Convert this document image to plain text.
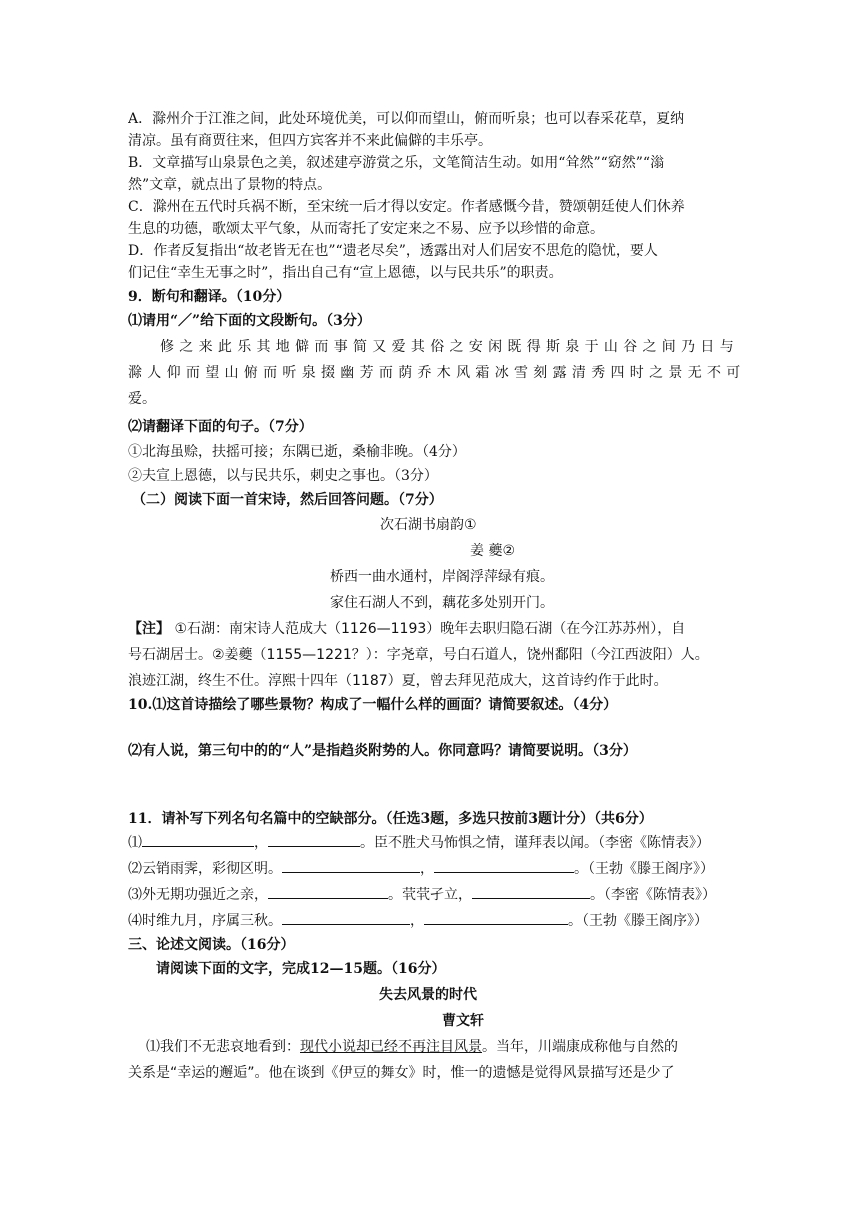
A．滁州介于江淮之间，此处环境优美，可以仰而望山，俯而听泉；也可以春采花草，夏纳
清凉。虽有商贾往来，但四方宾客并不来此偏僻的丰乐亭。
B．文章描写山泉景色之美，叙述建亭游赏之乐，文笔简洁生动。如用“耸然”“窈然”“滃
然”文章，就点出了景物的特点。
C．滁州在五代时兵祸不断，至宋统一后才得以安定。作者感慨今昔，赞颂朝廷使人们休养
生息的功德，歌颂太平气象，从而寄托了安定来之不易、应予以珍惜的命意。
D．作者反复指出“故老皆无在也”“遗老尽矣”，透露出对人们居安不思危的隐忧，要人
们记住“幸生无事之时”，指出自己有“宣上恩德，以与民共乐”的职责。
9．断句和翻译。（10分）
⑴请用“／”给下面的文段断句。（3分）
修之来此乐其地僻而事简又爱其俗之安闲既得斯泉于山谷之间乃日与
滁人仰而望山俯而听泉掇幽芳而荫乔木风霜冰雪刻露清秀四时之景无不可
爱。
⑵请翻译下面的句子。（7分）
①北海虽赊，扶摇可接；东隅已逝，桑榆非晚。（4分）
②夫宣上恩德，以与民共乐，刺史之事也。（3分）
（二）阅读下面一首宋诗，然后回答问题。（7分）
次石湖书扇韵①
姜 夔②
桥西一曲水通村，岸阁浮萍绿有痕。
家住石湖人不到，藕花多处别开门。
【注】 ①石湖：南宋诗人范成大（1126—1193）晚年去职归隐石湖（在今江苏苏州），自
号石湖居士。②姜夔（1155—1221？）：字尧章，号白石道人，饶州鄱阳（今江西波阳）人。
浪迹江湖，终生不仕。淳熙十四年（1187）夏，曾去拜见范成大，这首诗约作于此时。
10.⑴这首诗描绘了哪些景物？构成了一幅什么样的画面？请简要叙述。（4分）
⑵有人说，第三句中的的“人”是指趋炎附势的人。你同意吗？请简要说明。（3分）
11．请补写下列名句名篇中的空缺部分。（任选3题，多选只按前3题计分）（共6分）
⑴	，	。臣不胜犬马怖惧之情，谨拜表以闻。（李密《陈情表》）
⑵云销雨霁，彩彻区明。	，	。（王勃《滕王阁序》）
⑶外无期功强近之亲，	。茕茕孑立，	。（李密《陈情表》）
⑷时维九月，序属三秋。	，	。（王勃《滕王阁序》）
三、论述文阅读。（16分）
请阅读下面的文字，完成12—15题。（16分）
失去风景的时代
曹文轩
⑴我们不无悲哀地看到：现代小说却已经不再注目风景。当年，川端康成称他与自然的
关系是“幸运的邂逅”。他在谈到《伊豆的舞女》时，惟一的遗憾是觉得风景描写还是少了
